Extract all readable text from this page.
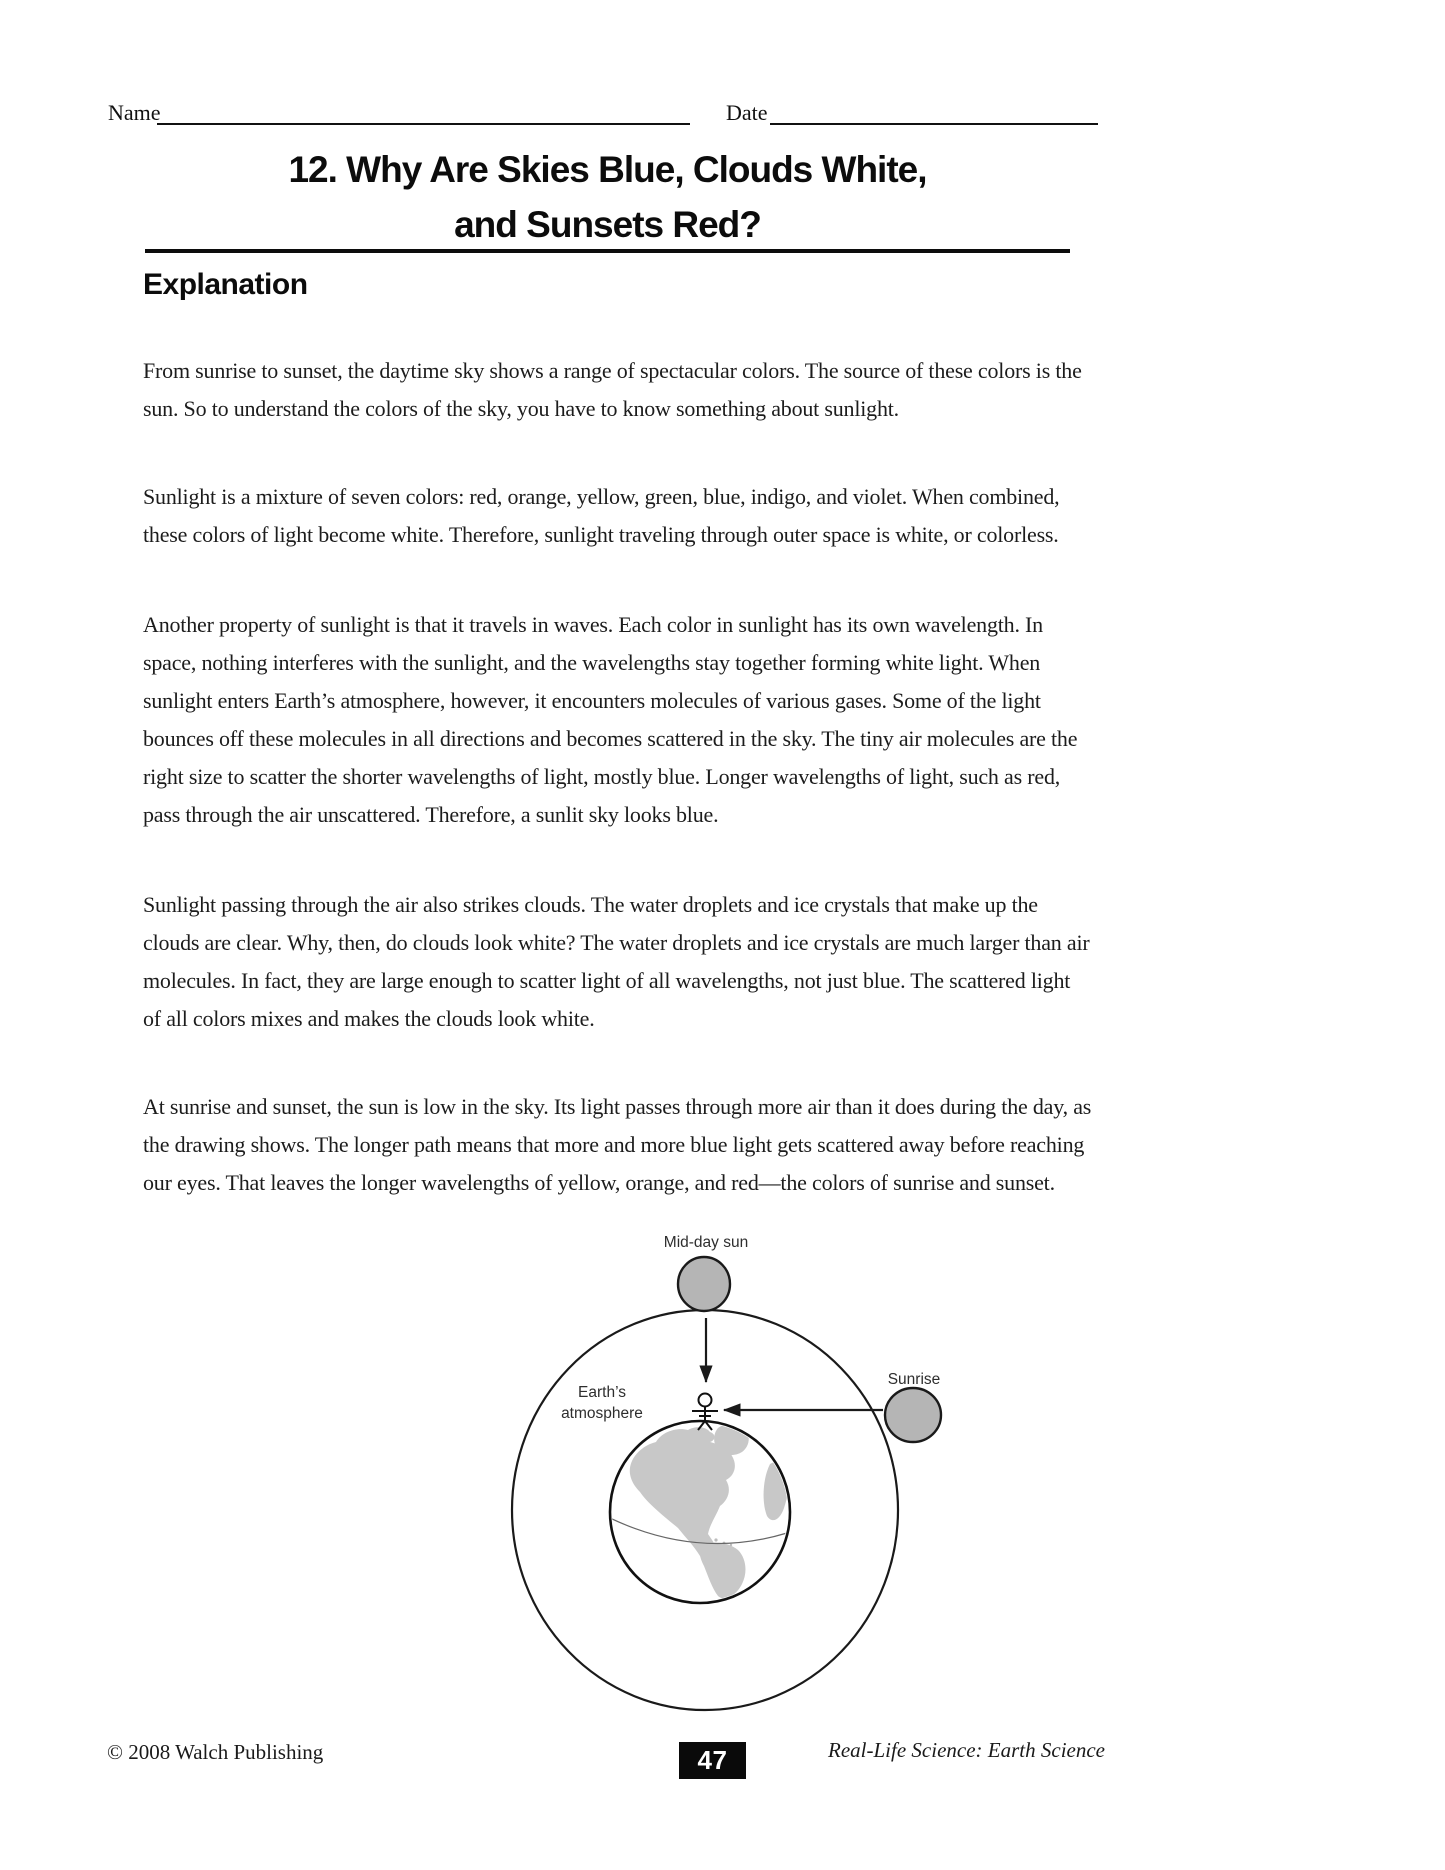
Name	Date
12. Why Are Skies Blue, Clouds White,
and Sunsets Red?
Explanation

From sunrise to sunset, the daytime sky shows a range of spectacular colors. The source of these colors is the sun. So to understand the colors of the sky, you have to know something about sunlight.

Sunlight is a mixture of seven colors: red, orange, yellow, green, blue, indigo, and violet. When combined, these colors of light become white. Therefore, sunlight traveling through outer space is white, or colorless.

Another property of sunlight is that it travels in waves. Each color in sunlight has its own wavelength. In space, nothing interferes with the sunlight, and the wavelengths stay together forming white light. When sunlight enters Earth’s atmosphere, however, it encounters molecules of various gases. Some of the light bounces off these molecules in all directions and becomes scattered in the sky. The tiny air molecules are the right size to scatter the shorter wavelengths of light, mostly blue. Longer wavelengths of light, such as red, pass through the air unscattered. Therefore, a sunlit sky looks blue.

Sunlight passing through the air also strikes clouds. The water droplets and ice crystals that make up the clouds are clear. Why, then, do clouds look white? The water droplets and ice crystals are much larger than air molecules. In fact, they are large enough to scatter light of all wavelengths, not just blue. The scattered light of all colors mixes and makes the clouds look white.

At sunrise and sunset, the sun is low in the sky. Its light passes through more air than it does during the day, as the drawing shows. The longer path means that more and more blue light gets scattered away before reaching our eyes. That leaves the longer wavelengths of yellow, orange, and red—the colors of sunrise and sunset.

Mid-day sun
Sunrise
Earth’s
atmosphere
© 2008 Walch Publishing	47	Real-Life Science: Earth Science
